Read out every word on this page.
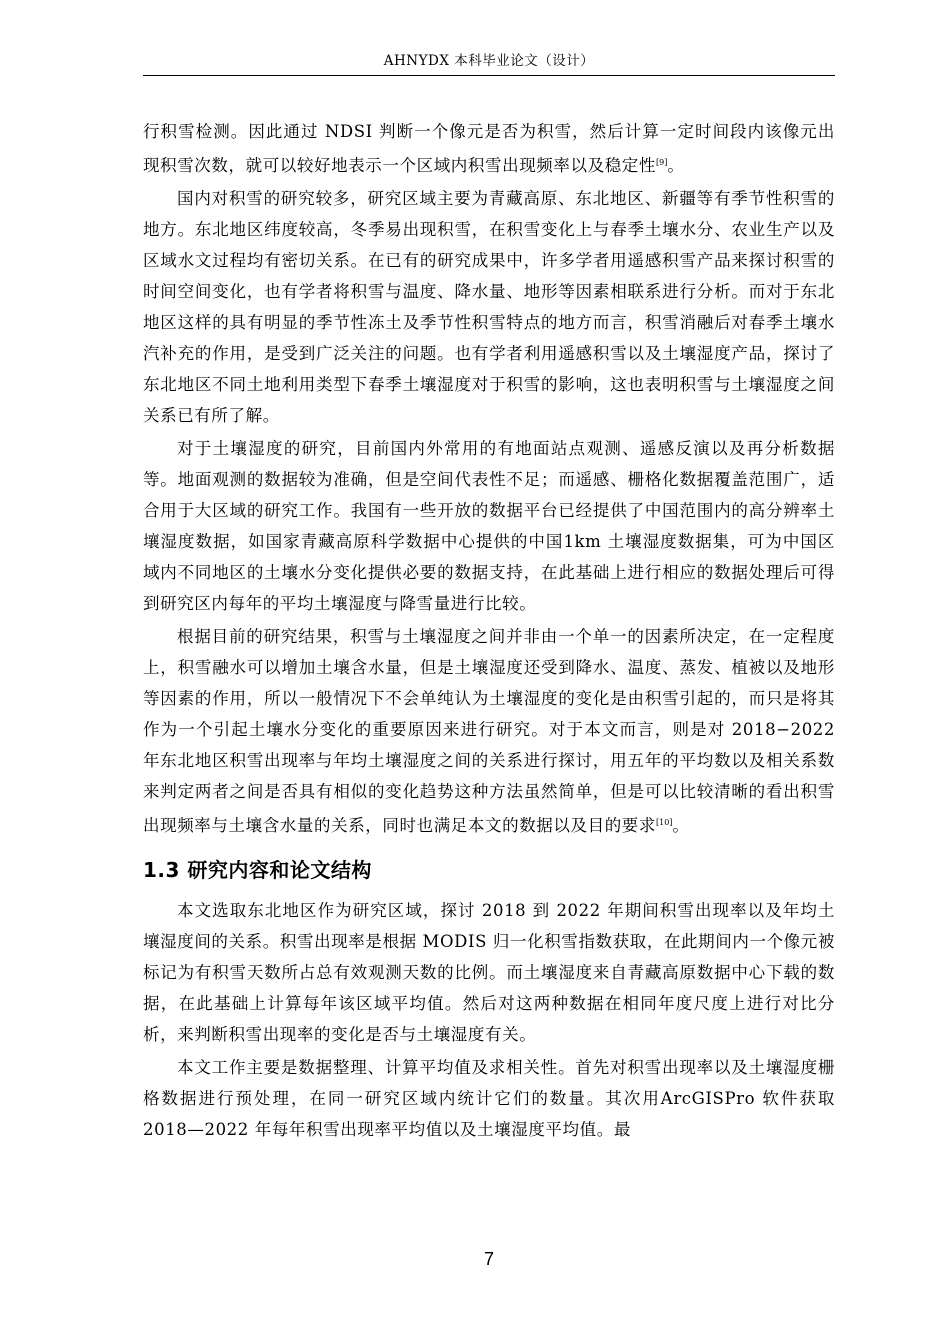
AHNYDX 本科毕业论文（设计）

行积雪检测。因此通过 NDSI 判断一个像元是否为积雪，然后计算一定时间段内该像元出现积雪次数，就可以较好地表示一个区域内积雪出现频率以及稳定性[9]。

国内对积雪的研究较多，研究区域主要为青藏高原、东北地区、新疆等有季节性积雪的地方。东北地区纬度较高，冬季易出现积雪，在积雪变化上与春季土壤水分、农业生产以及区域水文过程均有密切关系。在已有的研究成果中，许多学者用遥感积雪产品来探讨积雪的时间空间变化，也有学者将积雪与温度、降水量、地形等因素相联系进行分析。而对于东北地区这样的具有明显的季节性冻土及季节性积雪特点的地方而言，积雪消融后对春季土壤水汽补充的作用，是受到广泛关注的问题。也有学者利用遥感积雪以及土壤湿度产品，探讨了东北地区不同土地利用类型下春季土壤湿度对于积雪的影响，这也表明积雪与土壤湿度之间关系已有所了解。

对于土壤湿度的研究，目前国内外常用的有地面站点观测、遥感反演以及再分析数据等。地面观测的数据较为准确，但是空间代表性不足；而遥感、栅格化数据覆盖范围广，适合用于大区域的研究工作。我国有一些开放的数据平台已经提供了中国范围内的高分辨率土壤湿度数据，如国家青藏高原科学数据中心提供的中国1km 土壤湿度数据集，可为中国区域内不同地区的土壤水分变化提供必要的数据支持，在此基础上进行相应的数据处理后可得到研究区内每年的平均土壤湿度与降雪量进行比较。

根据目前的研究结果，积雪与土壤湿度之间并非由一个单一的因素所决定，在一定程度上，积雪融水可以增加土壤含水量，但是土壤湿度还受到降水、温度、蒸发、植被以及地形等因素的作用，所以一般情况下不会单纯认为土壤湿度的变化是由积雪引起的，而只是将其作为一个引起土壤水分变化的重要原因来进行研究。对于本文而言，则是对 2018−2022 年东北地区积雪出现率与年均土壤湿度之间的关系进行探讨，用五年的平均数以及相关系数来判定两者之间是否具有相似的变化趋势这种方法虽然简单，但是可以比较清晰的看出积雪出现频率与土壤含水量的关系，同时也满足本文的数据以及目的要求[10]。

1.3 研究内容和论文结构

本文选取东北地区作为研究区域，探讨 2018 到 2022 年期间积雪出现率以及年均土壤湿度间的关系。积雪出现率是根据 MODIS 归一化积雪指数获取，在此期间内一个像元被标记为有积雪天数所占总有效观测天数的比例。而土壤湿度来自青藏高原数据中心下载的数据，在此基础上计算每年该区域平均值。然后对这两种数据在相同年度尺度上进行对比分析，来判断积雪出现率的变化是否与土壤湿度有关。

本文工作主要是数据整理、计算平均值及求相关性。首先对积雪出现率以及土壤湿度栅格数据进行预处理，在同一研究区域内统计它们的数量。其次用ArcGISPro 软件获取 2018—2022 年每年积雪出现率平均值以及土壤湿度平均值。最

7
